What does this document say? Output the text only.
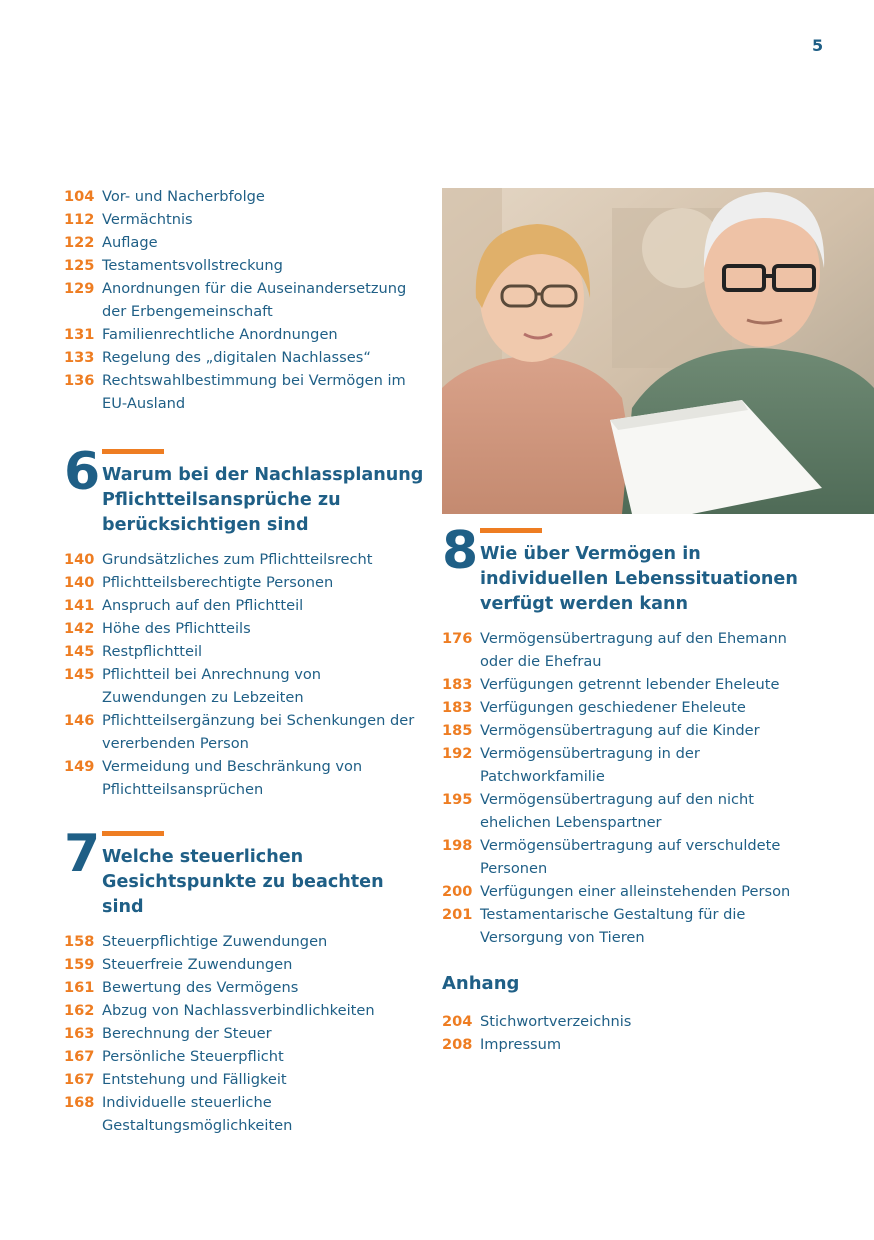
5
104 Vor- und Nacherbfolge
112 Vermächtnis
122 Auflage
125 Testamentsvollstreckung
129 Anordnungen für die Auseinandersetzung der Erbengemeinschaft
131 Familienrechtliche Anordnungen
133 Regelung des „digitalen Nachlasses“
136 Rechtswahlbestimmung bei Vermögen im EU-Ausland
6 Warum bei der Nachlassplanung Pflichtteilsansprüche zu berücksichtigen sind
140 Grundsätzliches zum Pflichtteilsrecht
140 Pflichtteilsberechtigte Personen
141 Anspruch auf den Pflichtteil
142 Höhe des Pflichtteils
145 Restpflichtteil
145 Pflichtteil bei Anrechnung von Zuwendungen zu Lebzeiten
146 Pflichtteilsergänzung bei Schenkungen der vererbenden Person
149 Vermeidung und Beschränkung von Pflichtteilsansprüchen
7 Welche steuerlichen Gesichtspunkte zu beachten sind
158 Steuerpflichtige Zuwendungen
159 Steuerfreie Zuwendungen
161 Bewertung des Vermögens
162 Abzug von Nachlassverbindlichkeiten
163 Berechnung der Steuer
167 Persönliche Steuerpflicht
167 Entstehung und Fälligkeit
168 Individuelle steuerliche Gestaltungsmöglichkeiten
8 Wie über Vermögen in individuellen Lebenssituationen verfügt werden kann
176 Vermögensübertragung auf den Ehemann oder die Ehefrau
183 Verfügungen getrennt lebender Eheleute
183 Verfügungen geschiedener Eheleute
185 Vermögensübertragung auf die Kinder
192 Vermögensübertragung in der Patchworkfamilie
195 Vermögensübertragung auf den nicht ehelichen Lebenspartner
198 Vermögensübertragung auf verschuldete Personen
200 Verfügungen einer alleinstehenden Person
201 Testamentarische Gestaltung für die Versorgung von Tieren
Anhang
204 Stichwortverzeichnis
208 Impressum
